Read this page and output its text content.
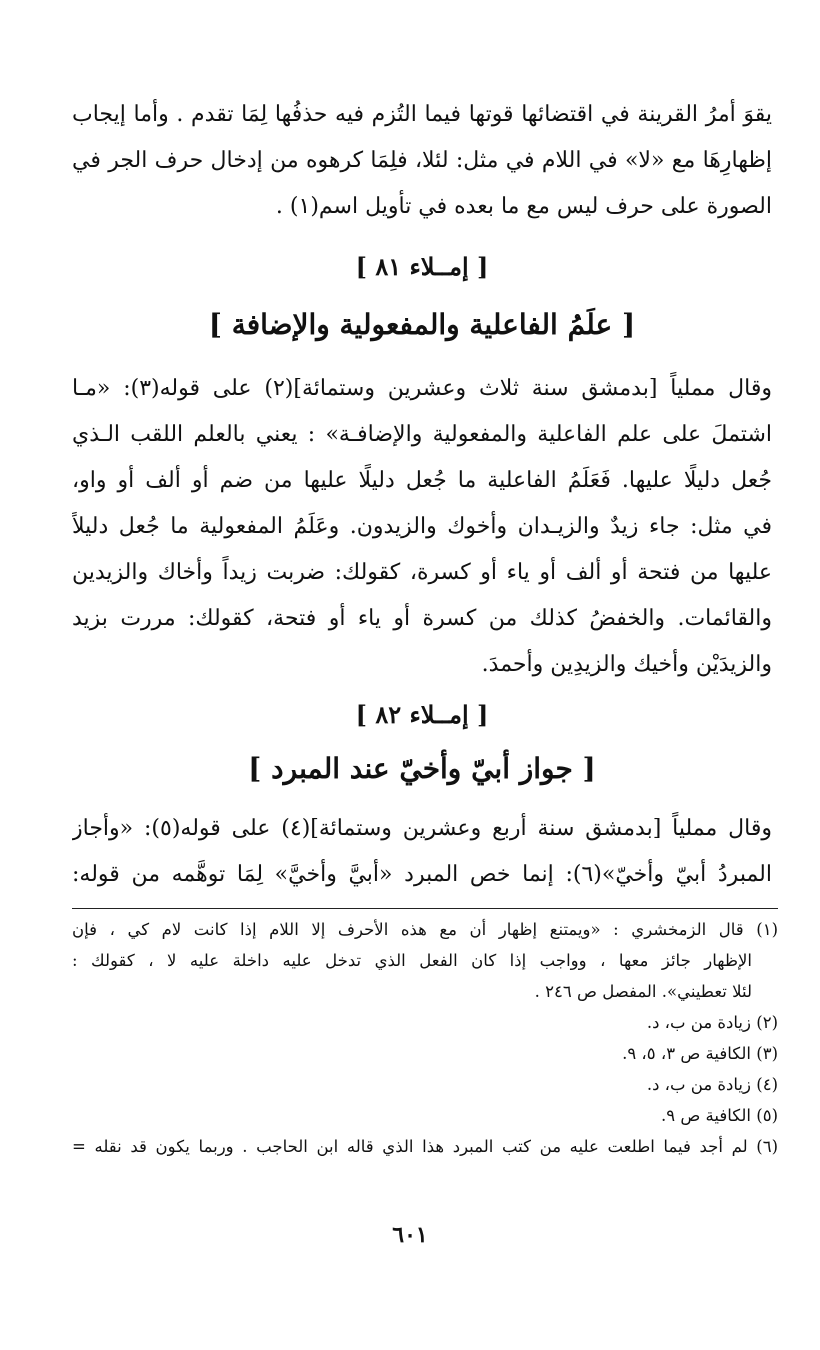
يقوَ أمرُ القرينة في اقتضائها قوتها فيما التُزم فيه حذفُها لِمَا تقدم . وأما إيجاب
إظهارِهَا مع «لا» في اللام في مثل: لئلا، فلِمَا كرهوه من إدخال حرف الجر في
الصورة على حرف ليس مع ما بعده في تأويل اسم(١) .
[ إمــلاء ٨١ ]
[ علَمُ الفاعلية والمفعولية والإضافة ]
وقال مملياً [بدمشق سنة ثلاث وعشرين وستمائة](٢) على قوله(٣): «مـا
اشتملَ على علم الفاعلية والمفعولية والإضافـة» : يعني بالعلم اللقب الـذي
جُعل دليلًا عليها. فَعَلَمُ الفاعلية ما جُعل دليلًا عليها من ضم أو ألف أو واو،
في مثل: جاء زيدٌ والزيـدان وأخوك والزيدون. وعَلَمُ المفعولية ما جُعل دليلاً
عليها من فتحة أو ألف أو ياء أو كسرة، كقولك: ضربت زيداً وأخاك والزيدين
والقائمات. والخفضُ كذلك من كسرة أو ياء أو فتحة، كقولك: مررت بزيد
والزيدَيْن وأخيك والزيدِين وأحمدَ.
[ إمــلاء ٨٢ ]
[ جواز أبيّ وأخيّ عند المبرد ]
وقال مملياً [بدمشق سنة أربع وعشرين وستمائة](٤) على قوله(٥): «وأجاز
المبردُ أبيّ وأخيّ»(٦): إنما خص المبرد «أبيَّ وأخيَّ» لِمَا توهَّمه من قوله:
(١) قال الزمخشري : «ويمتنع إظهار أن مع هذه الأحرف إلا اللام إذا كانت لام كي ، فإن
الإظهار جائز معها ، وواجب إذا كان الفعل الذي تدخل عليه داخلة عليه لا ، كقولك :
لئلا تعطيني». المفصل ص ٢٤٦ .
(٢) زيادة من ب، د.
(٣) الكافية ص ٣، ٥، ٩.
(٤) زيادة من ب، د.
(٥) الكافية ص ٩.
(٦) لم أجد فيما اطلعت عليه من كتب المبرد هذا الذي قاله ابن الحاجب . وربما يكون قد نقله =
٦٠١
